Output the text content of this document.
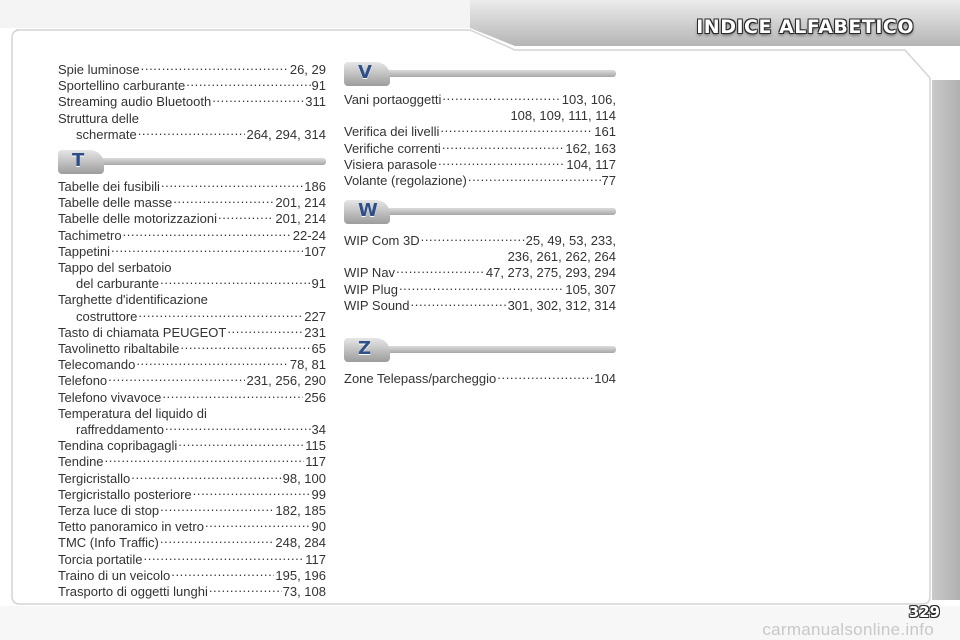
INDICE ALFABETICO
Spie luminose .....	26, 29
Sportellino carburante .....	91
Streaming audio Bluetooth .....	311
Struttura delle
schermate .....	264, 294, 314
T
Tabelle dei fusibili .....	186
Tabelle delle masse .....	201, 214
Tabelle delle motorizzazioni .....	201, 214
Tachimetro .....	22-24
Tappetini .....	107
Tappo del serbatoio
del carburante .....	91
Targhette d'identificazione
costruttore .....	227
Tasto di chiamata PEUGEOT .....	231
Tavolinetto ribaltabile .....	65
Telecomando .....	78, 81
Telefono .....	231, 256, 290
Telefono vivavoce .....	256
Temperatura del liquido di
raffreddamento .....	34
Tendina copribagagli .....	115
Tendine .....	117
Tergicristallo .....	98, 100
Tergicristallo posteriore .....	99
Terza luce di stop .....	182, 185
Tetto panoramico in vetro .....	90
TMC (Info Traffic) .....	248, 284
Torcia portatile .....	117
Traino di un veicolo .....	195, 196
Trasporto di oggetti lunghi .....	73, 108
V
Vani portaoggetti .....	103, 106,
108, 109, 111, 114
Verifica dei livelli .....	161
Verifiche correnti .....	162, 163
Visiera parasole .....	104, 117
Volante (regolazione) .....	77
W
WIP Com 3D .....	25, 49, 53, 233,
236, 261, 262, 264
WIP Nav .....	47, 273, 275, 293, 294
WIP Plug .....	105, 307
WIP Sound .....	301, 302, 312, 314
Z
Zone Telepass/parcheggio .....	104
329
carmanualsonline.info
